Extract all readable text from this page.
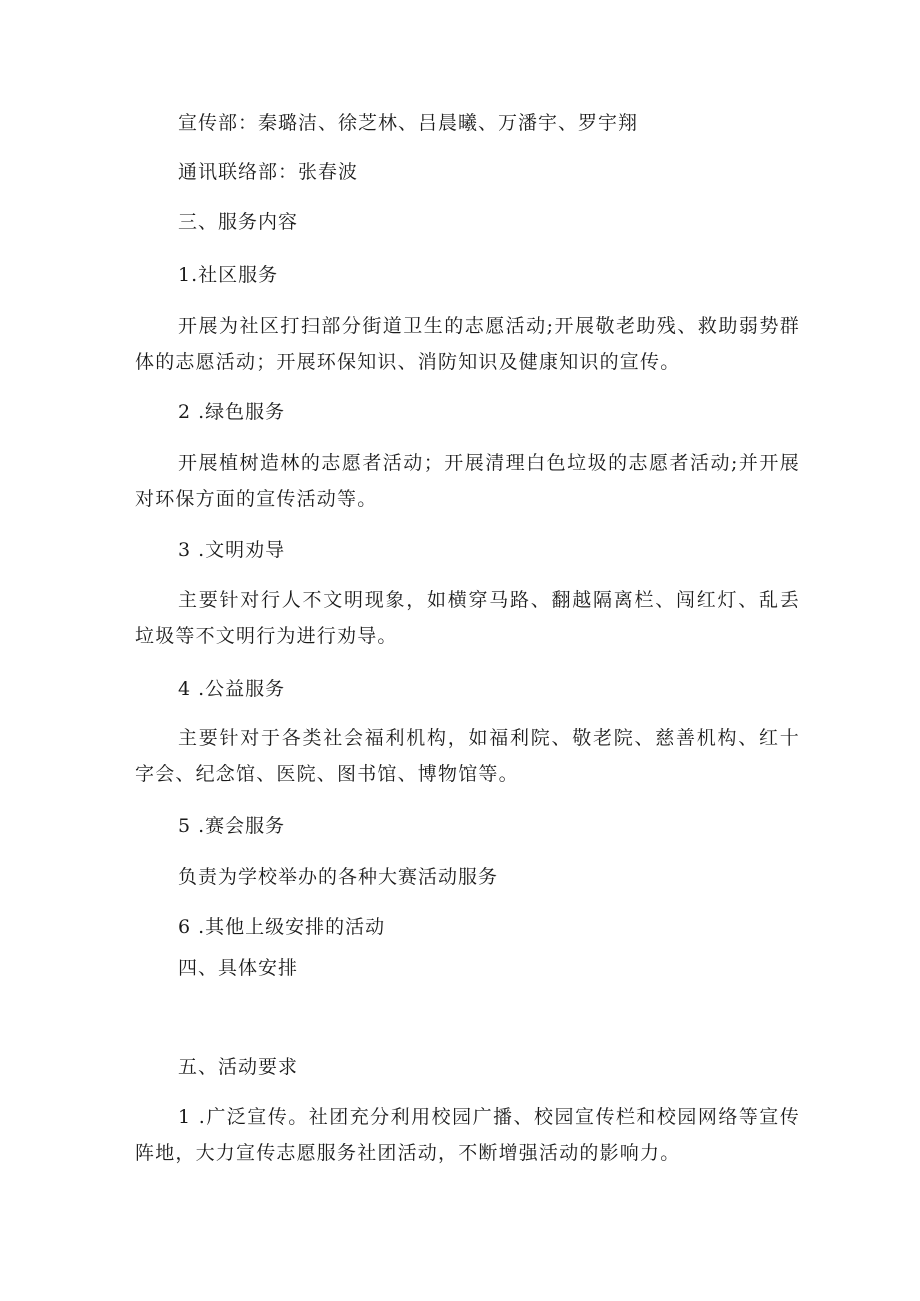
宣传部：秦璐洁、徐芝林、吕晨曦、万潘宇、罗宇翔
通讯联络部：张春波
三、服务内容
1.社区服务
开展为社区打扫部分街道卫生的志愿活动;开展敬老助残、救助弱势群体的志愿活动；开展环保知识、消防知识及健康知识的宣传。
2 .绿色服务
开展植树造林的志愿者活动；开展清理白色垃圾的志愿者活动;并开展对环保方面的宣传活动等。
3 .文明劝导
主要针对行人不文明现象，如横穿马路、翻越隔离栏、闯红灯、乱丢垃圾等不文明行为进行劝导。
4 .公益服务
主要针对于各类社会福利机构，如福利院、敬老院、慈善机构、红十字会、纪念馆、医院、图书馆、博物馆等。
5 .赛会服务
负责为学校举办的各种大赛活动服务
6 .其他上级安排的活动
四、具体安排
五、活动要求
1 .广泛宣传。社团充分利用校园广播、校园宣传栏和校园网络等宣传阵地，大力宣传志愿服务社团活动，不断增强活动的影响力。
